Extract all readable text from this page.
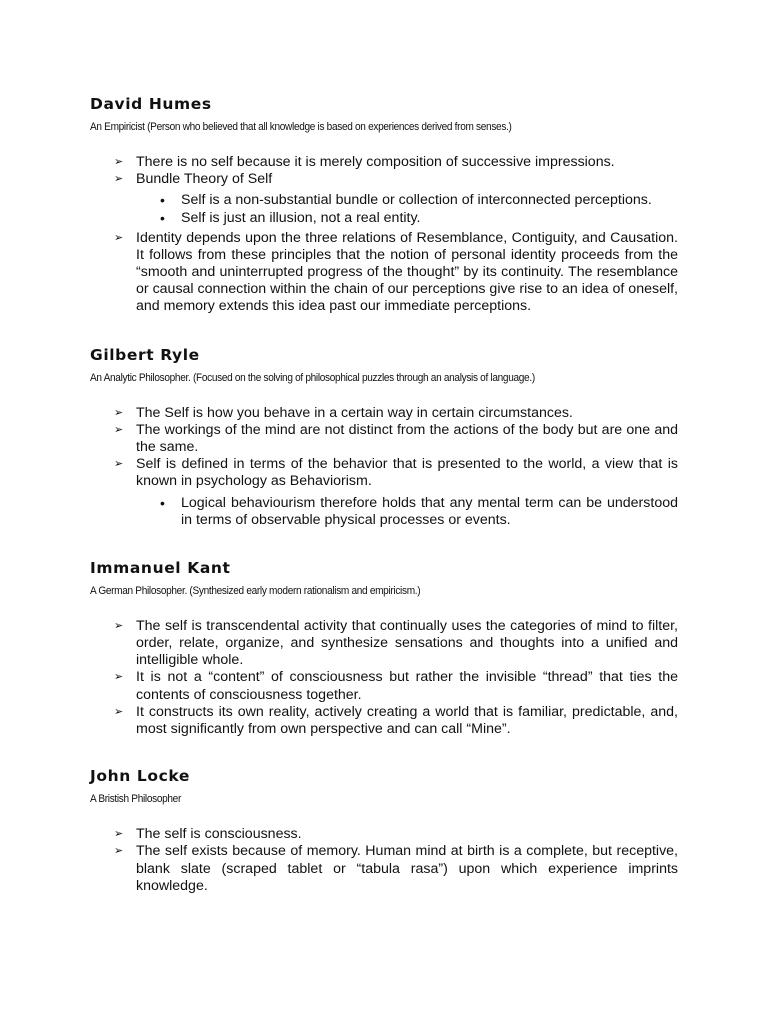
David Humes

An Empiricist (Person who believed that all knowledge is based on experiences derived from senses.)

➢ There is no self because it is merely composition of successive impressions.
➢ Bundle Theory of Self
• Self is a non-substantial bundle or collection of interconnected perceptions.
• Self is just an illusion, not a real entity.
➢ Identity depends upon the three relations of Resemblance, Contiguity, and Causation. It follows from these principles that the notion of personal identity proceeds from the “smooth and uninterrupted progress of the thought” by its continuity. The resemblance or causal connection within the chain of our perceptions give rise to an idea of oneself, and memory extends this idea past our immediate perceptions.
Gilbert Ryle

An Analytic Philosopher. (Focused on the solving of philosophical puzzles through an analysis of language.)

➢ The Self is how you behave in a certain way in certain circumstances.
➢ The workings of the mind are not distinct from the actions of the body but are one and the same.
➢ Self is defined in terms of the behavior that is presented to the world, a view that is known in psychology as Behaviorism.
• Logical behaviourism therefore holds that any mental term can be understood in terms of observable physical processes or events.
Immanuel Kant

A German Philosopher. (Synthesized early modern rationalism and empiricism.)

➢ The self is transcendental activity that continually uses the categories of mind to filter, order, relate, organize, and synthesize sensations and thoughts into a unified and intelligible whole.
➢ It is not a “content” of consciousness but rather the invisible “thread” that ties the contents of consciousness together.
➢ It constructs its own reality, actively creating a world that is familiar, predictable, and, most significantly from own perspective and can call “Mine”.
John Locke

A Bristish Philosopher

➢ The self is consciousness.
➢ The self exists because of memory. Human mind at birth is a complete, but receptive, blank slate (scraped tablet or “tabula rasa”) upon which experience imprints knowledge.
